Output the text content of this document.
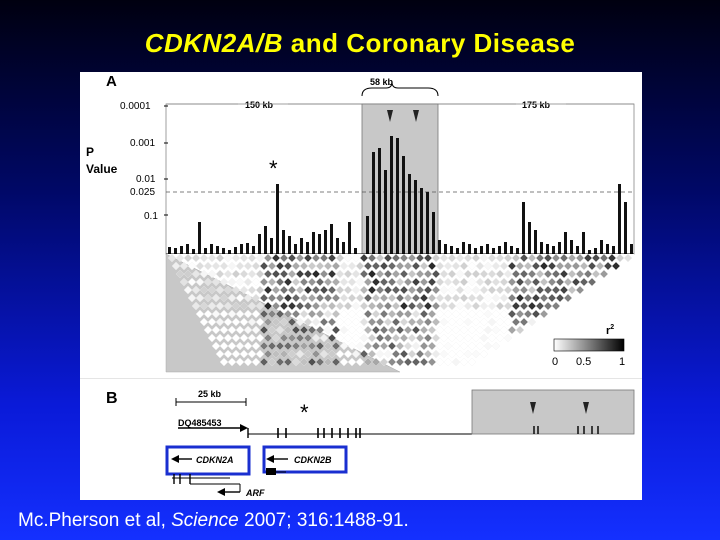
CDKN2A/B and Coronary Disease
A
150 kb
58 kb
175 kb
P
Value
0.0001
0.001
0.01
0.025
0.1
*
$r^2$
0 0.5	1
B	25 kb
DQ485453	*
CDKN2A	CDKN2B
ARF
Mc.Pherson et al, Science 2007; 316:1488-91.
